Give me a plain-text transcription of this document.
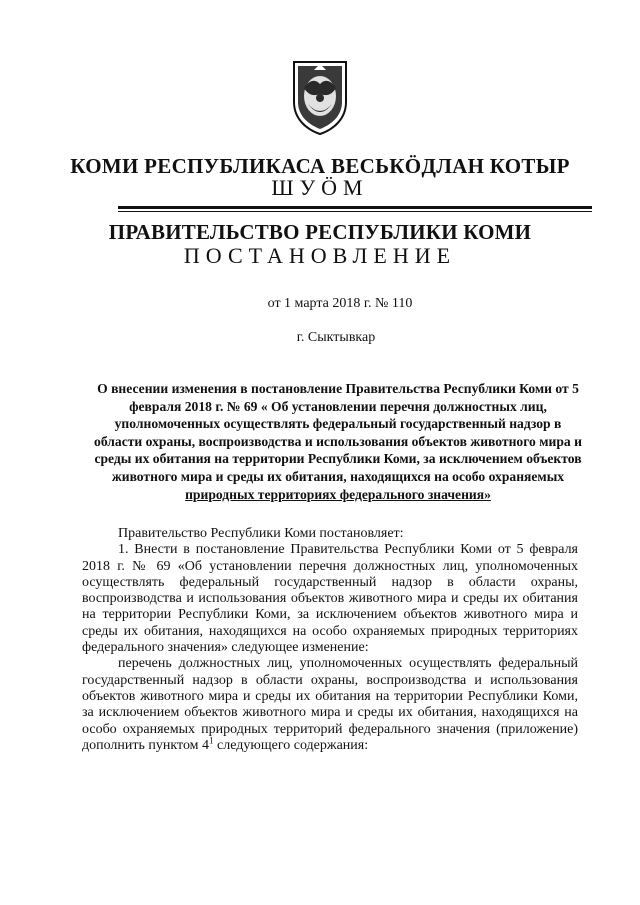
КОМИ РЕСПУБЛИКАСА ВЕСЬКӦДЛАН КОТЫР
ШУӦМ
ПРАВИТЕЛЬСТВО РЕСПУБЛИКИ КОМИ
ПОСТАНОВЛЕНИЕ
от 1 марта 2018 г. № 110
г. Сыктывкар
О внесении изменения в постановление Правительства Республики Коми от 5 февраля 2018 г. № 69 « Об установлении перечня должностных лиц, уполномоченных осуществлять федеральный государственный надзор в области охраны, воспроизводства и использования объектов животного мира и среды их обитания на территории Республики Коми, за исключением объектов животного мира и среды их обитания, находящихся на особо охраняемых природных территориях федерального значения»

Правительство Республики Коми постановляет:

1. Внести в постановление Правительства Республики Коми от 5 февраля 2018 г. № 69 «Об установлении перечня должностных лиц, уполномоченных осуществлять федеральный государственный надзор в области охраны, воспроизводства и использования объектов животного мира и среды их обитания на территории Республики Коми, за исключением объектов животного мира и среды их обитания, находящихся на особо охраняемых природных территориях федерального значения» следующее изменение:

перечень должностных лиц, уполномоченных осуществлять федеральный государственный надзор в области охраны, воспроизводства и использования объектов животного мира и среды их обитания на территории Республики Коми, за исключением объектов животного мира и среды их обитания, находящихся на особо охраняемых природных территорий федерального значения (приложение) дополнить пунктом $4^1$ следующего содержания:
